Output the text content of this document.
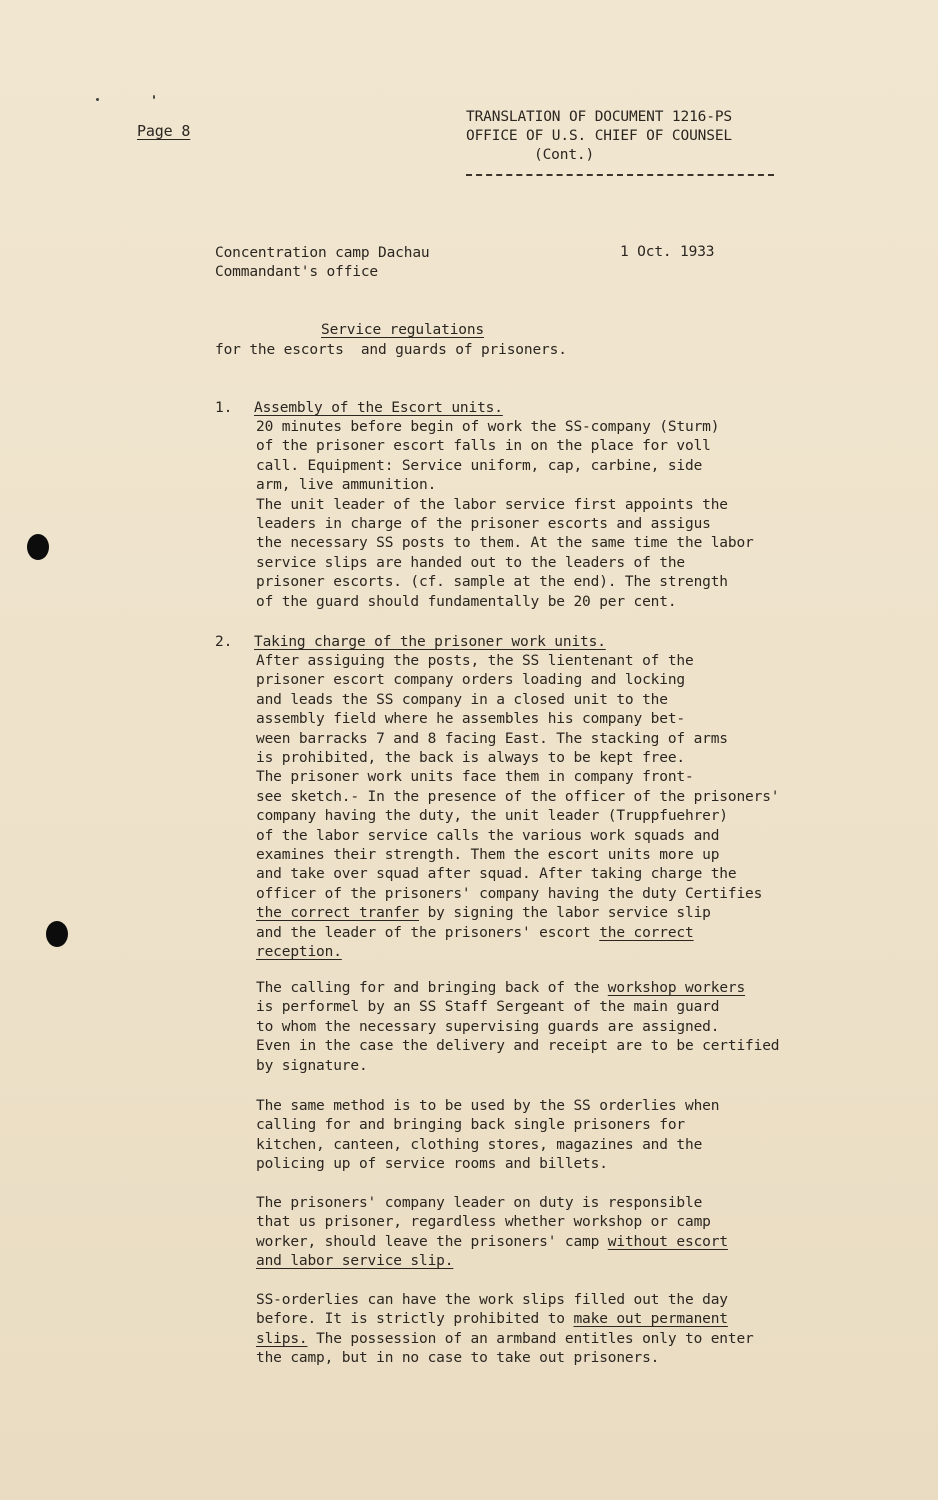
Page 8
TRANSLATION OF DOCUMENT 1216-PS
OFFICE OF U.S. CHIEF OF COUNSEL
(Cont.)
Concentration camp Dachau
Commandant's office
1 Oct. 1933
Service regulations
for the escorts  and guards of prisoners.
1. Assembly of the Escort units.
20 minutes before begin of work the SS-company (Sturm)
of the prisoner escort falls in on the place for voll
call. Equipment: Service uniform, cap, carbine, side
arm, live ammunition.
The unit leader of the labor service first appoints the
leaders in charge of the prisoner escorts and assigus
the necessary SS posts to them. At the same time the labor
service slips are handed out to the leaders of the
prisoner escorts. (cf. sample at the end). The strength
of the guard should fundamentally be 20 per cent.
2. Taking charge of the prisoner work units.
After assiguing the posts, the SS lientenant of the
prisoner escort company orders loading and locking
and leads the SS company in a closed unit to the
assembly field where he assembles his company bet-
ween barracks 7 and 8 facing East. The stacking of arms
is prohibited, the back is always to be kept free.
The prisoner work units face them in company front-
see sketch.- In the presence of the officer of the prisoners'
company having the duty, the unit leader (Truppfuehrer)
of the labor service calls the various work squads and
examines their strength. Them the escort units more up
and take over squad after squad. After taking charge the
officer of the prisoners' company having the duty Certifies
the correct tranfer by signing the labor service slip
and the leader of the prisoners' escort the correct
reception.
The calling for and bringing back of the workshop workers
is performel by an SS Staff Sergeant of the main guard
to whom the necessary supervising guards are assigned.
Even in the case the delivery and receipt are to be certified
by signature.
The same method is to be used by the SS orderlies when
calling for and bringing back single prisoners for
kitchen, canteen, clothing stores, magazines and the
policing up of service rooms and billets.
The prisoners' company leader on duty is responsible
that us prisoner, regardless whether workshop or camp
worker, should leave the prisoners' camp without escort
and labor service slip.
SS-orderlies can have the work slips filled out the day
before. It is strictly prohibited to make out permanent
slips. The possession of an armband entitles only to enter
the camp, but in no case to take out prisoners.
